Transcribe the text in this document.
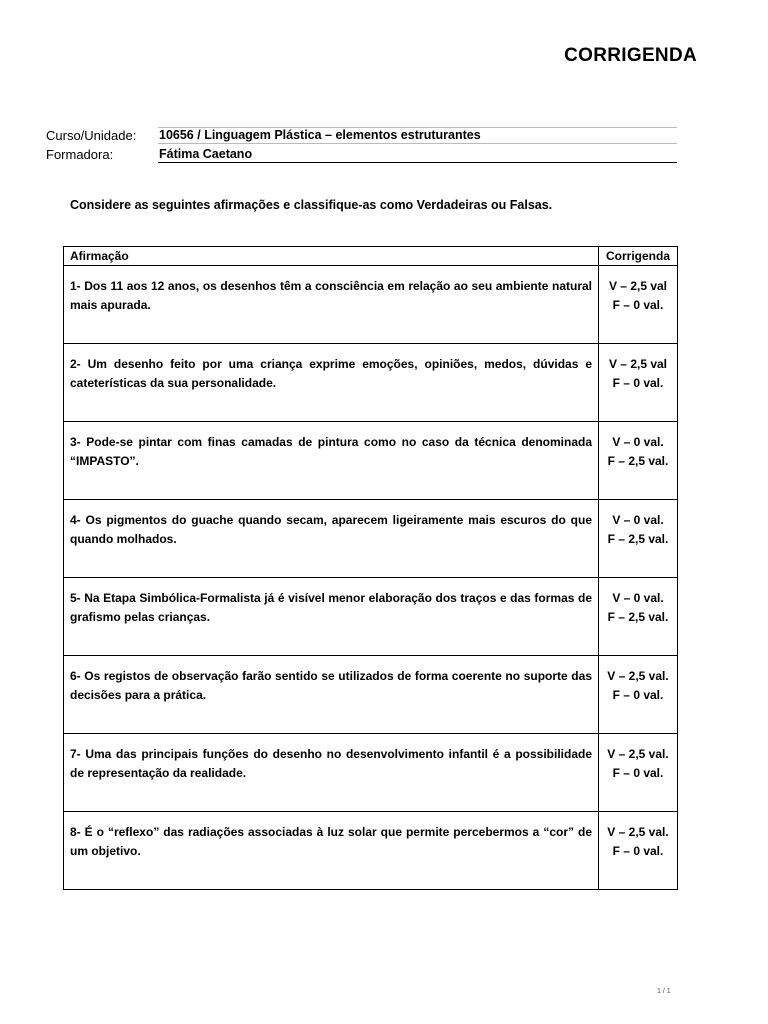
CORRIGENDA
Curso/Unidade: 10656 / Linguagem Plástica – elementos estruturantes
Formadora:	Fátima Caetano
Considere as seguintes afirmações e classifique-as como Verdadeiras ou Falsas.
Afirmação	Corrigenda
1- Dos 11 aos 12 anos, os desenhos têm a consciência em relação ao seu ambiente natural mais apurada.	V – 2,5 val
F – 0 val.

2- Um desenho feito por uma criança exprime emoções, opiniões, medos, dúvidas e cateterísticas da sua personalidade.	V – 2,5 val
F – 0 val.

3- Pode-se pintar com finas camadas de pintura como no caso da técnica denominada “IMPASTO”.	V – 0 val.
F – 2,5 val.

4- Os pigmentos do guache quando secam, aparecem ligeiramente mais escuros do que quando molhados.	V – 0 val.
F – 2,5 val.

5- Na Etapa Simbólica-Formalista já é visível menor elaboração dos traços e das formas de grafismo pelas crianças.	V – 0 val.
F – 2,5 val.

6- Os registos de observação farão sentido se utilizados de forma coerente no suporte das decisões para a prática.	V – 2,5 val.
F – 0 val.

7- Uma das principais funções do desenho no desenvolvimento infantil é a possibilidade de representação da realidade.	V – 2,5 val.
F – 0 val.

8- É o “reflexo” das radiações associadas à luz solar que permite percebermos a “cor” de um objetivo.	V – 2,5 val.
F – 0 val.
1 / 1
